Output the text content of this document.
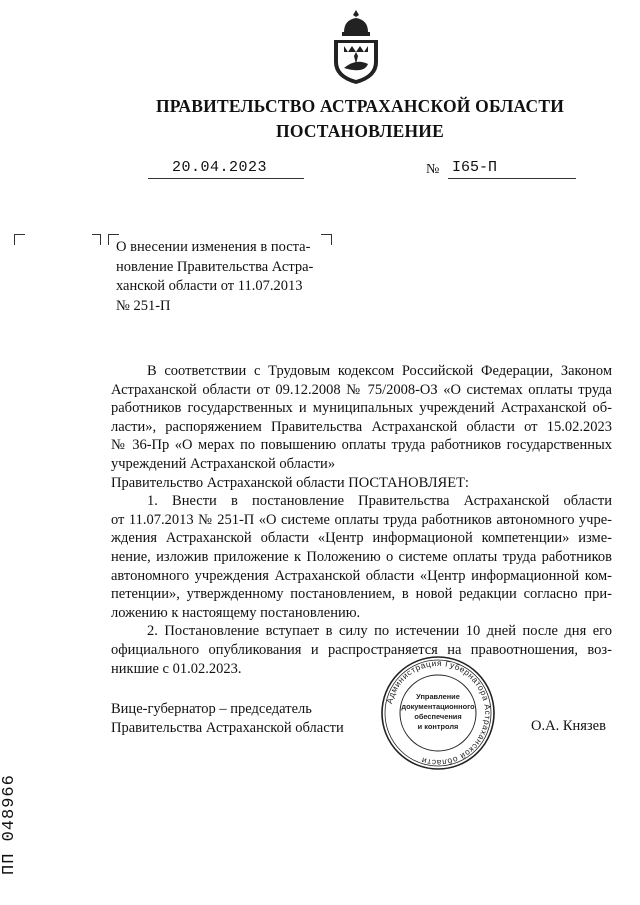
ПРАВИТЕЛЬСТВО АСТРАХАНСКОЙ ОБЛАСТИ
ПОСТАНОВЛЕНИЕ
20.04.2023	№ I65-П
О внесении изменения в поста-
новление Правительства Астра-
ханской области от 11.07.2013
№ 251-П
В соответствии с Трудовым кодексом Российской Федерации, Законом
Астраханской области от 09.12.2008 № 75/2008-ОЗ «О системах оплаты труда
работников государственных и муниципальных учреждений Астраханской об-
ласти», распоряжением Правительства Астраханской области от 15.02.2023
№ 36-Пр «О мерах по повышению оплаты труда работников государственных
учреждений Астраханской области»
Правительство Астраханской области ПОСТАНОВЛЯЕТ:
1. Внести в постановление Правительства Астраханской области
от 11.07.2013 № 251-П «О системе оплаты труда работников автономного учре-
ждения Астраханской области «Центр информационой компетенции» изме-
нение, изложив приложение к Положению о системе оплаты труда работников
автономного учреждения Астраханской области «Центр информационной ком-
петенции», утвержденному постановлением, в новой редакции согласно при-
ложению к настоящему постановлению.
2. Постановление вступает в силу по истечении 10 дней после дня его
официального опубликования и распространяется на правоотношения, воз-
никшие с 01.02.2023.
Вице-губернатор – председатель
Правительства Астраханской области	О.А. Князев
Администрация Губернатора Астраханской области
Управление
документационного
обеспечения
и контроля
ПП 048966
